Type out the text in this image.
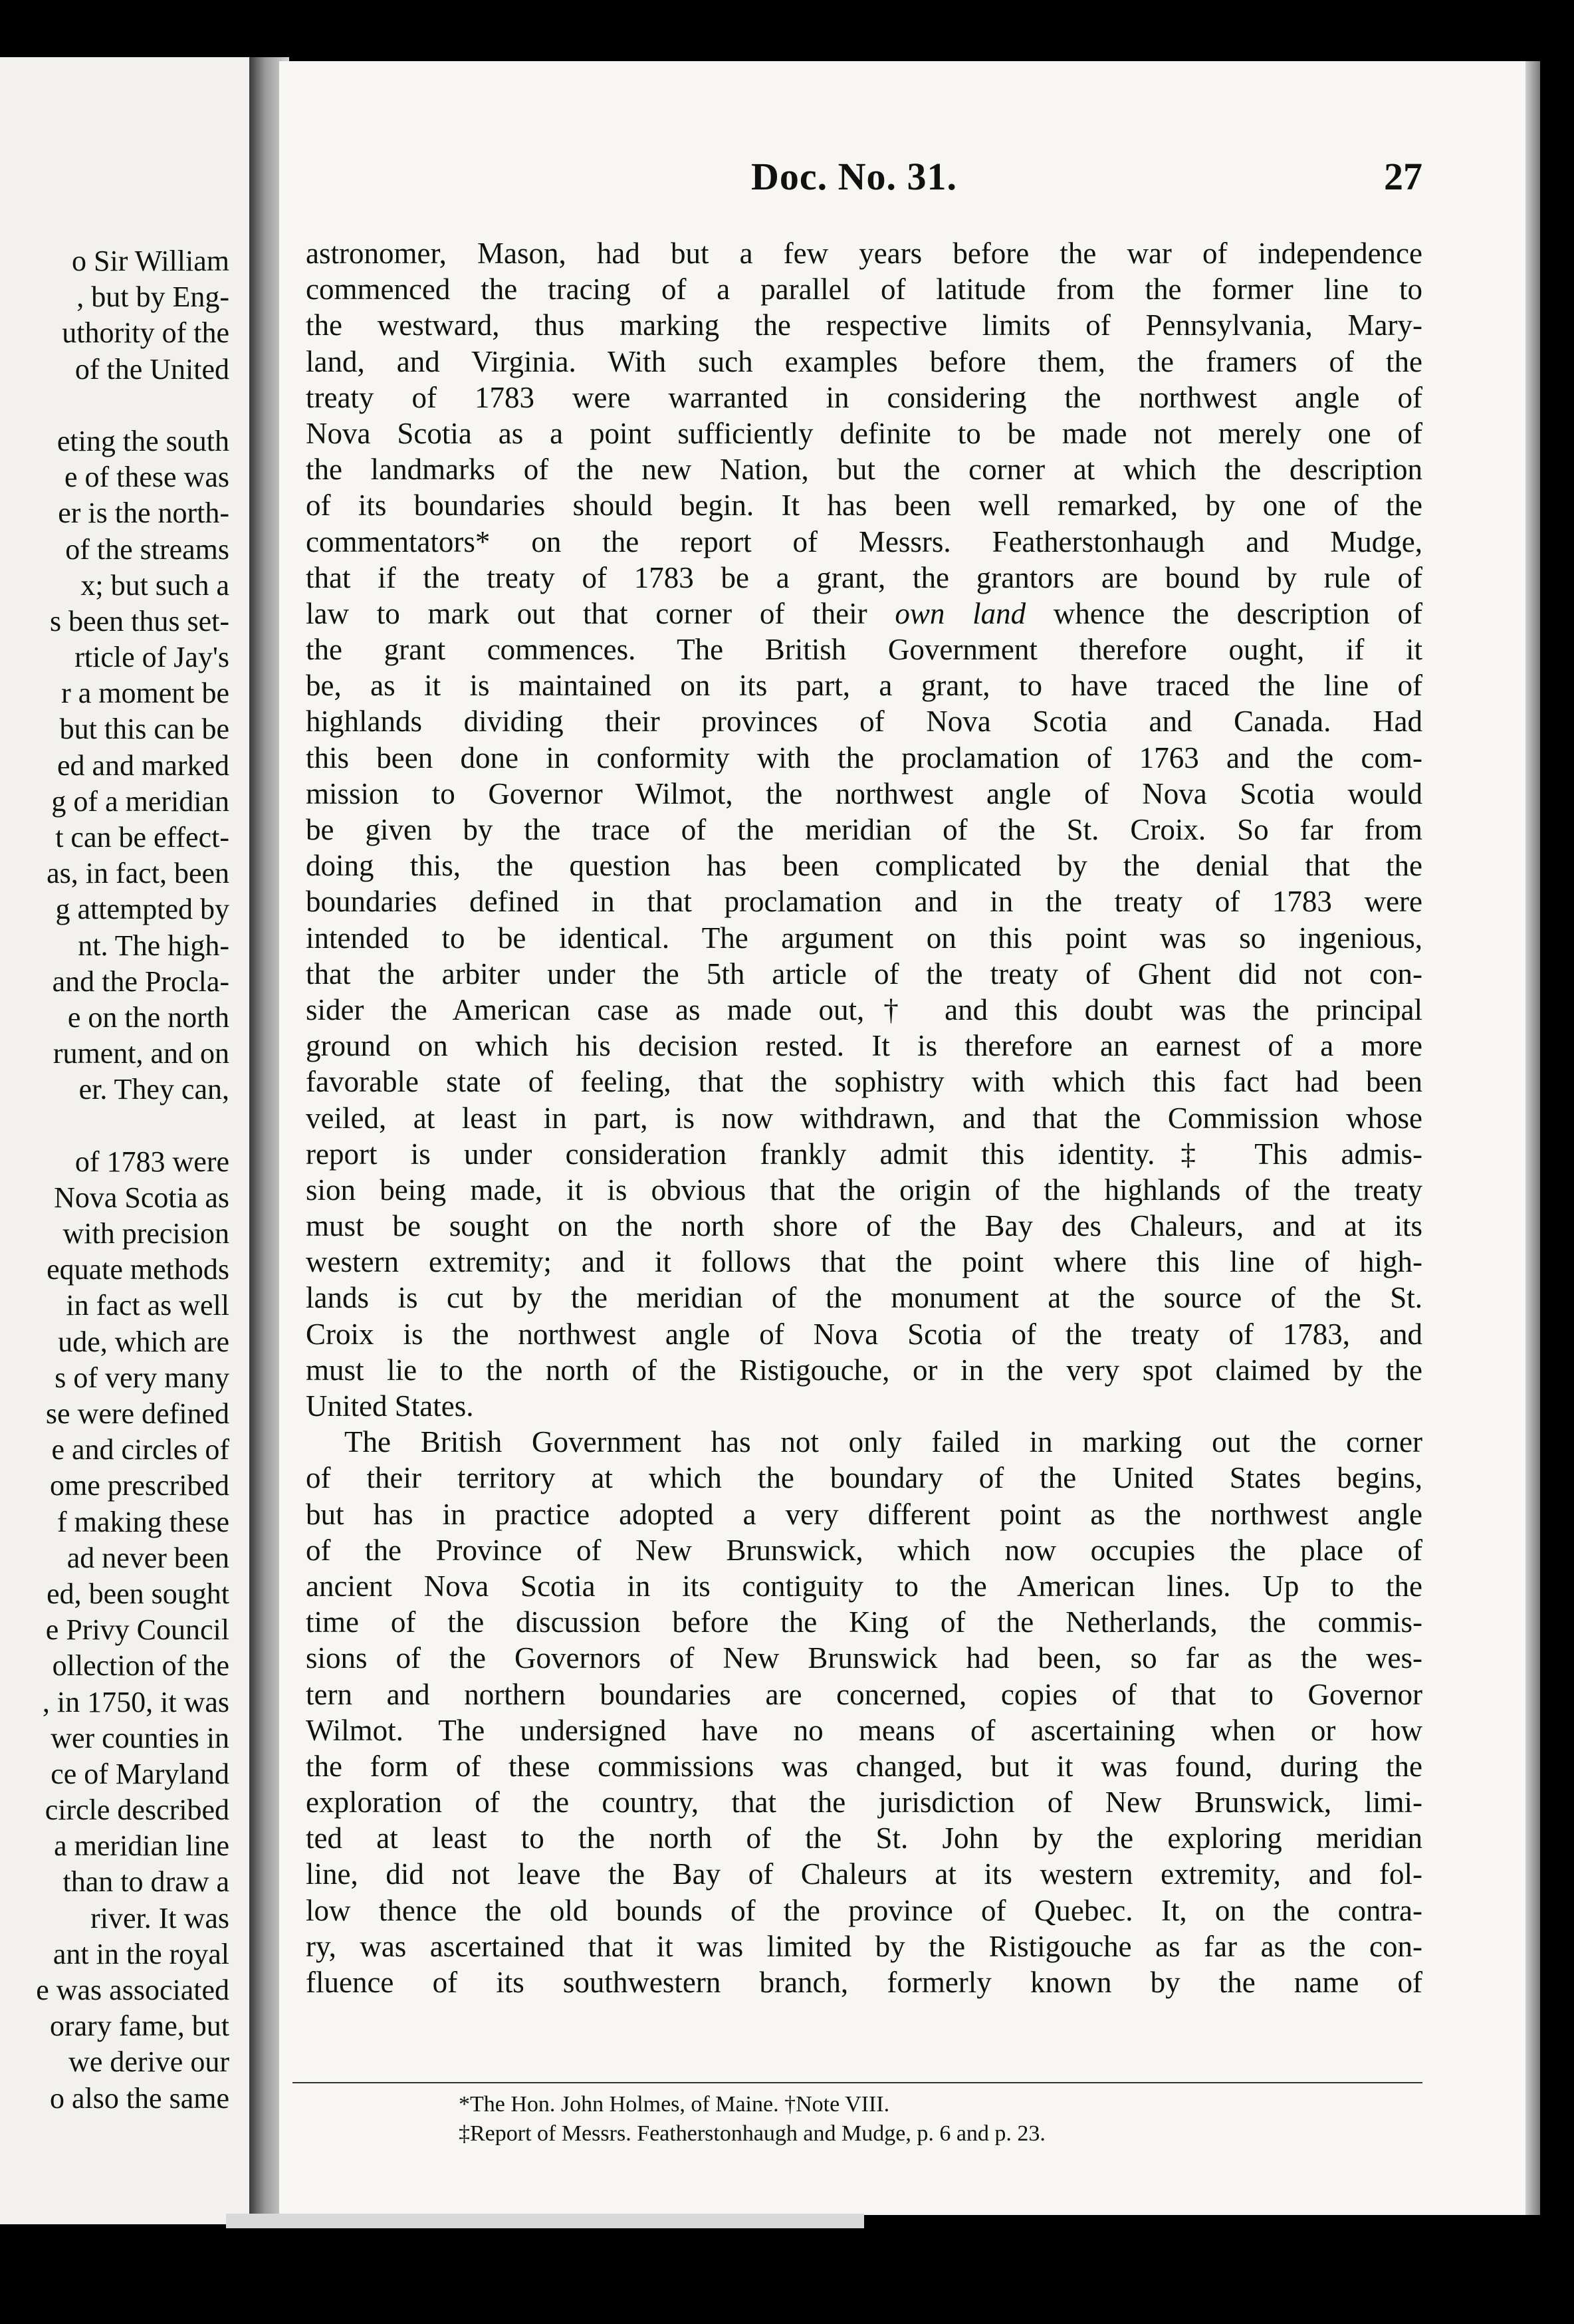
o Sir William
, but by Eng-
uthority of the
of the United
eting the south
e of these was
er is the north-
of the streams
x; but such a
s been thus set-
rticle of Jay's
r a moment be
but this can be
ed and marked
g of a meridian
t can be effect-
as, in fact, been
g attempted by
nt. The high-
and the Procla-
e on the north
rument, and on
er. They can,
of 1783 were
Nova Scotia as
with precision
equate methods
in fact as well
ude, which are
s of very many
se were defined
e and circles of
ome prescribed
f making these
ad never been
ed, been sought
e Privy Council
ollection of the
, in 1750, it was
wer counties in
ce of Maryland
circle described
a meridian line
than to draw a
river. It was
ant in the royal
e was associated
orary fame, but
we derive our
o also the same
Doc. No. 31.	27
astronomer, Mason, had but a few years before the war of independence
commenced the tracing of a parallel of latitude from the former line to
the westward, thus marking the respective limits of Pennsylvania, Mary-
land, and Virginia. With such examples before them, the framers of the
treaty of 1783 were warranted in considering the northwest angle of
Nova Scotia as a point sufficiently definite to be made not merely one of
the landmarks of the new Nation, but the corner at which the description
of its boundaries should begin. It has been well remarked, by one of the
commentators* on the report of Messrs. Featherstonhaugh and Mudge,
that if the treaty of 1783 be a grant, the grantors are bound by rule of
law to mark out that corner of their own land whence the description of
the grant commences. The British Government therefore ought, if it
be, as it is maintained on its part, a grant, to have traced the line of
highlands dividing their provinces of Nova Scotia and Canada. Had
this been done in conformity with the proclamation of 1763 and the com-
mission to Governor Wilmot, the northwest angle of Nova Scotia would
be given by the trace of the meridian of the St. Croix. So far from
doing this, the question has been complicated by the denial that the
boundaries defined in that proclamation and in the treaty of 1783 were
intended to be identical. The argument on this point was so ingenious,
that the arbiter under the 5th article of the treaty of Ghent did not con-
sider the American case as made out,† and this doubt was the principal
ground on which his decision rested. It is therefore an earnest of a more
favorable state of feeling, that the sophistry with which this fact had been
veiled, at least in part, is now withdrawn, and that the Commission whose
report is under consideration frankly admit this identity.‡ This admis-
sion being made, it is obvious that the origin of the highlands of the treaty
must be sought on the north shore of the Bay des Chaleurs, and at its
western extremity; and it follows that the point where this line of high-
lands is cut by the meridian of the monument at the source of the St.
Croix is the northwest angle of Nova Scotia of the treaty of 1783, and
must lie to the north of the Ristigouche, or in the very spot claimed by the
United States.
The British Government has not only failed in marking out the corner
of their territory at which the boundary of the United States begins,
but has in practice adopted a very different point as the northwest angle
of the Province of New Brunswick, which now occupies the place of
ancient Nova Scotia in its contiguity to the American lines. Up to the
time of the discussion before the King of the Netherlands, the commis-
sions of the Governors of New Brunswick had been, so far as the wes-
tern and northern boundaries are concerned, copies of that to Governor
Wilmot. The undersigned have no means of ascertaining when or how
the form of these commissions was changed, but it was found, during the
exploration of the country, that the jurisdiction of New Brunswick, limi-
ted at least to the north of the St. John by the exploring meridian
line, did not leave the Bay of Chaleurs at its western extremity, and fol-
low thence the old bounds of the province of Quebec. It, on the contra-
ry, was ascertained that it was limited by the Ristigouche as far as the con-
fluence of its southwestern branch, formerly known by the name of
*The Hon. John Holmes, of Maine. †Note VIII.
‡Report of Messrs. Featherstonhaugh and Mudge, p. 6 and p. 23.
